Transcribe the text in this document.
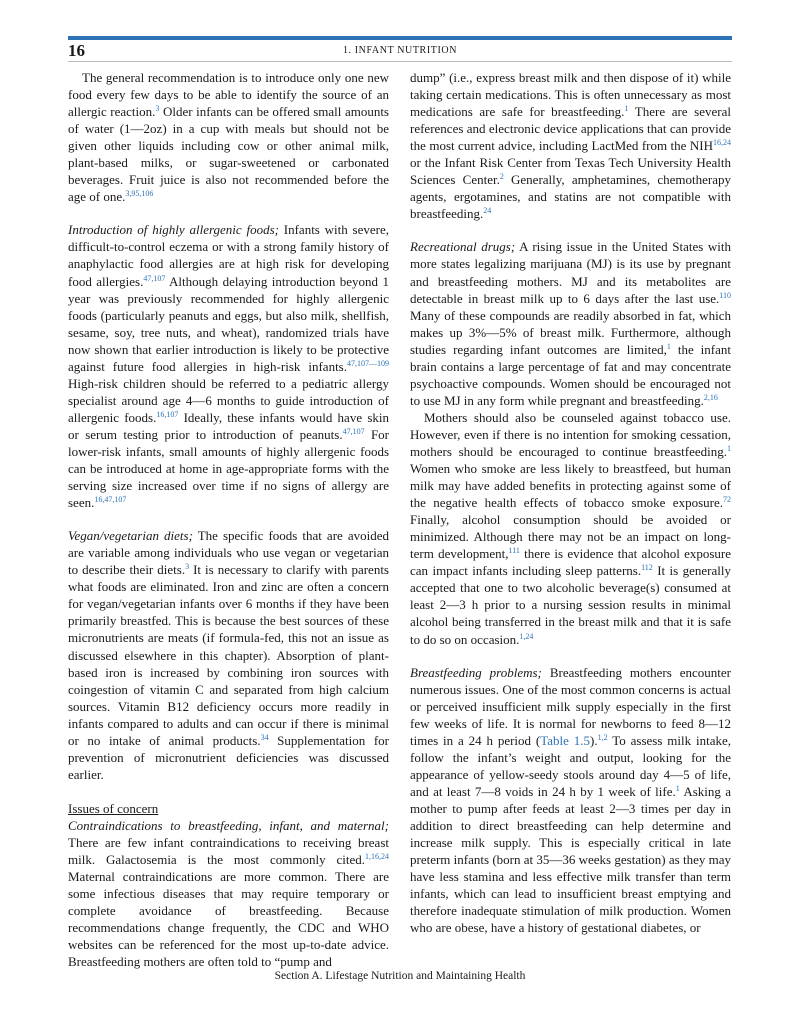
16	1. INFANT NUTRITION

The general recommendation is to introduce only one new food every few days to be able to identify the source of an allergic reaction.$^3$ Older infants can be offered small amounts of water (1—2oz) in a cup with meals but should not be given other liquids including cow or other animal milk, plant-based milks, or sugar-sweetened or carbonated beverages. Fruit juice is also not recommended before the age of one.$^{3,95,106}$

Introduction of highly allergenic foods; Infants with severe, difficult-to-control eczema or with a strong family history of anaphylactic food allergies are at high risk for developing food allergies.$^{47,107}$ Although delaying introduction beyond 1 year was previously recommended for highly allergenic foods (particularly peanuts and eggs, but also milk, shellfish, sesame, soy, tree nuts, and wheat), randomized trials have now shown that earlier introduction is likely to be protective against future food allergies in high-risk infants.$^{47,107—109}$ High-risk children should be referred to a pediatric allergy specialist around age 4—6 months to guide introduction of allergenic foods.$^{16,107}$ Ideally, these infants would have skin or serum testing prior to introduction of peanuts.$^{47,107}$ For lower-risk infants, small amounts of highly allergenic foods can be introduced at home in age-appropriate forms with the serving size increased over time if no signs of allergy are seen.$^{16,47,107}$

Vegan/vegetarian diets; The specific foods that are avoided are variable among individuals who use vegan or vegetarian to describe their diets.$^3$ It is necessary to clarify with parents what foods are eliminated. Iron and zinc are often a concern for vegan/vegetarian infants over 6 months if they have been primarily breastfed. This is because the best sources of these micronutrients are meats (if formula-fed, this not an issue as discussed elsewhere in this chapter). Absorption of plant-based iron is increased by combining iron sources with coingestion of vitamin C and separated from high calcium sources. Vitamin B12 deficiency occurs more readily in infants compared to adults and can occur if there is minimal or no intake of animal products.$^{34}$ Supplementation for prevention of micronutrient deficiencies was discussed earlier.

Issues of concern

Contraindications to breastfeeding, infant, and maternal; There are few infant contraindications to receiving breast milk. Galactosemia is the most commonly cited.$^{1,16,24}$ Maternal contraindications are more common. There are some infectious diseases that may require temporary or complete avoidance of breastfeeding. Because recommendations change frequently, the CDC and WHO websites can be referenced for the most up-to-date advice. Breastfeeding mothers are often told to “pump and

dump” (i.e., express breast milk and then dispose of it) while taking certain medications. This is often unnecessary as most medications are safe for breastfeeding.$^1$ There are several references and electronic device applications that can provide the most current advice, including LactMed from the NIH$^{16,24}$ or the Infant Risk Center from Texas Tech University Health Sciences Center.$^2$ Generally, amphetamines, chemotherapy agents, ergotamines, and statins are not compatible with breastfeeding.$^{24}$

Recreational drugs; A rising issue in the United States with more states legalizing marijuana (MJ) is its use by pregnant and breastfeeding mothers. MJ and its metabolites are detectable in breast milk up to 6 days after the last use.$^{110}$ Many of these compounds are readily absorbed in fat, which makes up 3%—5% of breast milk. Furthermore, although studies regarding infant outcomes are limited,$^1$ the infant brain contains a large percentage of fat and may concentrate psychoactive compounds. Women should be encouraged not to use MJ in any form while pregnant and breastfeeding.$^{2,16}$

Mothers should also be counseled against tobacco use. However, even if there is no intention for smoking cessation, mothers should be encouraged to continue breastfeeding.$^1$ Women who smoke are less likely to breastfeed, but human milk may have added benefits in protecting against some of the negative health effects of tobacco smoke exposure.$^{72}$ Finally, alcohol consumption should be avoided or minimized. Although there may not be an impact on long-term development,$^{111}$ there is evidence that alcohol exposure can impact infants including sleep patterns.$^{112}$ It is generally accepted that one to two alcoholic beverage(s) consumed at least 2—3 h prior to a nursing session results in minimal alcohol being transferred in the breast milk and that it is safe to do so on occasion.$^{1,24}$

Breastfeeding problems; Breastfeeding mothers encounter numerous issues. One of the most common concerns is actual or perceived insufficient milk supply especially in the first few weeks of life. It is normal for newborns to feed 8—12 times in a 24 h period (Table 1.5).$^{1,2}$ To assess milk intake, follow the infant’s weight and output, looking for the appearance of yellow-seedy stools around day 4—5 of life, and at least 7—8 voids in 24 h by 1 week of life.$^1$ Asking a mother to pump after feeds at least 2—3 times per day in addition to direct breastfeeding can help determine and increase milk supply. This is especially critical in late preterm infants (born at 35—36 weeks gestation) as they may have less stamina and less effective milk transfer than term infants, which can lead to insufficient breast emptying and therefore inadequate stimulation of milk production. Women who are obese, have a history of gestational diabetes, or

Section A. Lifestage Nutrition and Maintaining Health
